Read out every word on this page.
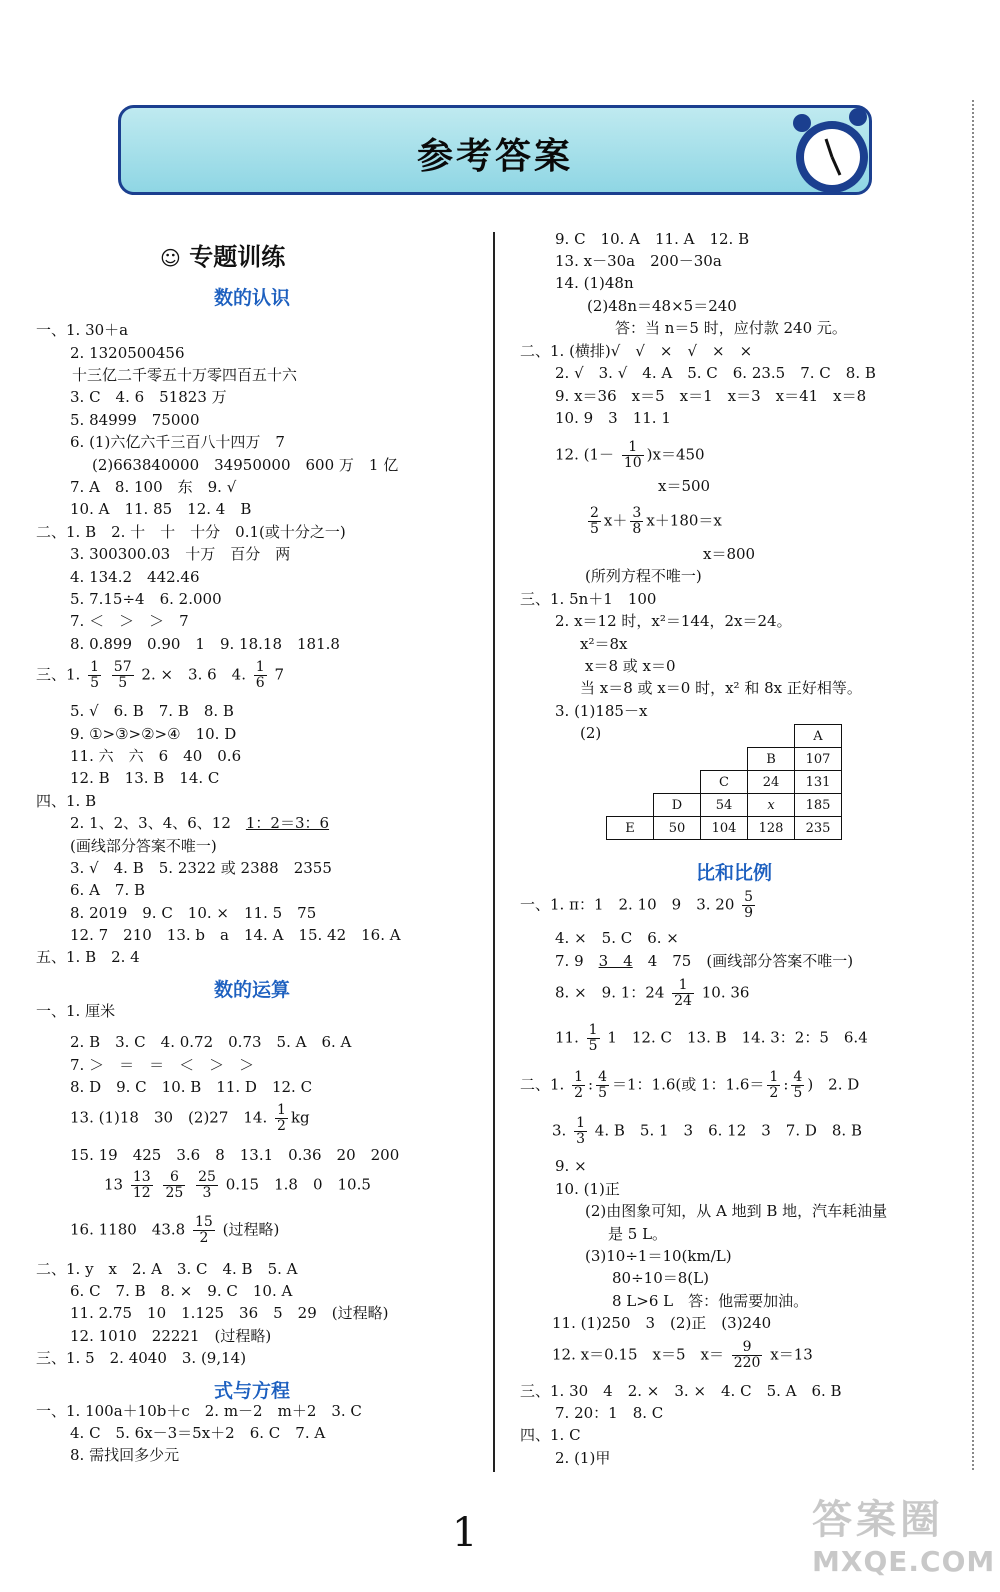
参考答案
☺ 专题训练
数的认识
一、1. 30＋a
2. 1320500456
十三亿二千零五十万零四百五十六
3. C　4. 6　51823 万
5. 84999　75000
6. (1)六亿六千三百八十四万　7
(2)663840000　34950000　600 万　1 亿
7. A　8. 100　东　9. √
10. A　11. 85　12. 4　B
二、1. B　2. 十　十　十分　0.1(或十分之一)
3. 300300.03　十万　百分　两
4. 134.2　442.46
5. 7.15÷4　6. 2.000
7. ＜　＞　＞　7
8. 0.899　0.90　1　9. 18.18　181.8
三、1. $\frac{1}{5}$
$\frac{57}{5} 2$. ×　3. 6　4. $\frac{1}{6} 7$
5. √　6. B　7. B　8. B
9. ①>③>②>④　10. D
11. 六　六　6　40　0.6
12. B　13. B　14. C
四、1. B
2. 1、2、3、4、6、12　1：2＝3：6
(画线部分答案不唯一)
3. √　4. B　5. 2322 或 2388　2355
6. A　7. B
8. 2019　9. C　10. ×　11. 5　75
12. 7　210　13. b　a　14. A　15. 42　16. A
五、1. B　2. 4
数的运算
一、1. 厘米
2. B　3. C　4. 0.72　0.73　5. A　6. A
7. ＞　＝　＝　＜　＞　＞
8. D　9. C　10. B　11. D　12. C
13. (1)18　30　(2)27　14. $\frac{1}{2}$ kg
15. 19　425　3.6　8　13.1　0.36　20　200
$13 \frac{13}{12}$
$\frac{6}{25}$
$\frac{25}{3} 0.15$　1.8　0　10.5
16. 1180　$43.8 \frac{15}{2}$ (过程略)
二、1. y　x　2. A　3. C　4. B　5. A
6. C　7. B　8. ×　9. C　10. A
11. 2.75　10　1.125　36　5　29　(过程略)
12. 1010　22221　(过程略)
三、1. 5　2. 4040　3. (9,14)
式与方程
一、1. 100a＋10b＋c　2. m－2　m＋2　3. C
4. C　5. 6x－3＝5x＋2　6. C　7. A
8. 需找回多少元
9. C　10. A　11. A　12. B
13. x－30a　200－30a
14. (1)48n
(2)48n＝48×5＝240
答：当 n＝5 时，应付款 240 元。
二、1. (横排)√　√　×　√　×　×
2. √　3. √　4. A　5. C　6. 23.5　7. C　8. B
9. x＝36　x＝5　x＝1　x＝3　x＝41　x＝8
10. 9　3　11. 1
12. $(1- \frac{1}{10} )x=450$
x＝500
$\frac{2}{5} x+ \frac{3}{8} x+180=x$
x＝800
(所列方程不唯一)
三、1. 5n＋1　100
2. x＝12 时，x²＝144，2x＝24。
x²＝8x
x＝8 或 x＝0
当 x＝8 或 x＝0 时，x² 和 8x 正好相等。
3. (1)185－x
(2)
					A
			B	107
		C	24	131
	D	54	x	185
E	50	104	128	235
比和比例
一、1. π：1　2. 10　9　3. $20 \frac{5}{9}$
4. ×　5. C　6. ×
7. 9　3　4　4　75　(画线部分答案不唯一)
8. ×　9. 1：$24 \frac{1}{24} 10$. 36
11. $\frac{1}{5} 1$　12. C　13. B　14. 3：2：5　6.4
二、1. $\frac{1}{2}$ : $\frac{4}{5} =1$：1.6(或 1：$1.6= \frac{1}{2}$ : $\frac{4}{5}$ )　2. D
3. $\frac{1}{3} 4$. B　5. 1　3　6. 12　3　7. D　8. B
9. ×
10. (1)正
(2)由图象可知，从 A 地到 B 地，汽车耗油量
是 5 L。
(3)10÷1＝10(km/L)
80÷10＝8(L)
8 L>6 L　答：他需要加油。
11. (1)250　3　(2)正　(3)240
12. x＝0.15　x＝5　$x= \frac{9}{220} x=13$
三、1. 30　4　2. ×　3. ×　4. C　5. A　6. B
7. 20：1　8. C
四、1. C
2. (1)甲
1	答案圈
MXQE.COM
